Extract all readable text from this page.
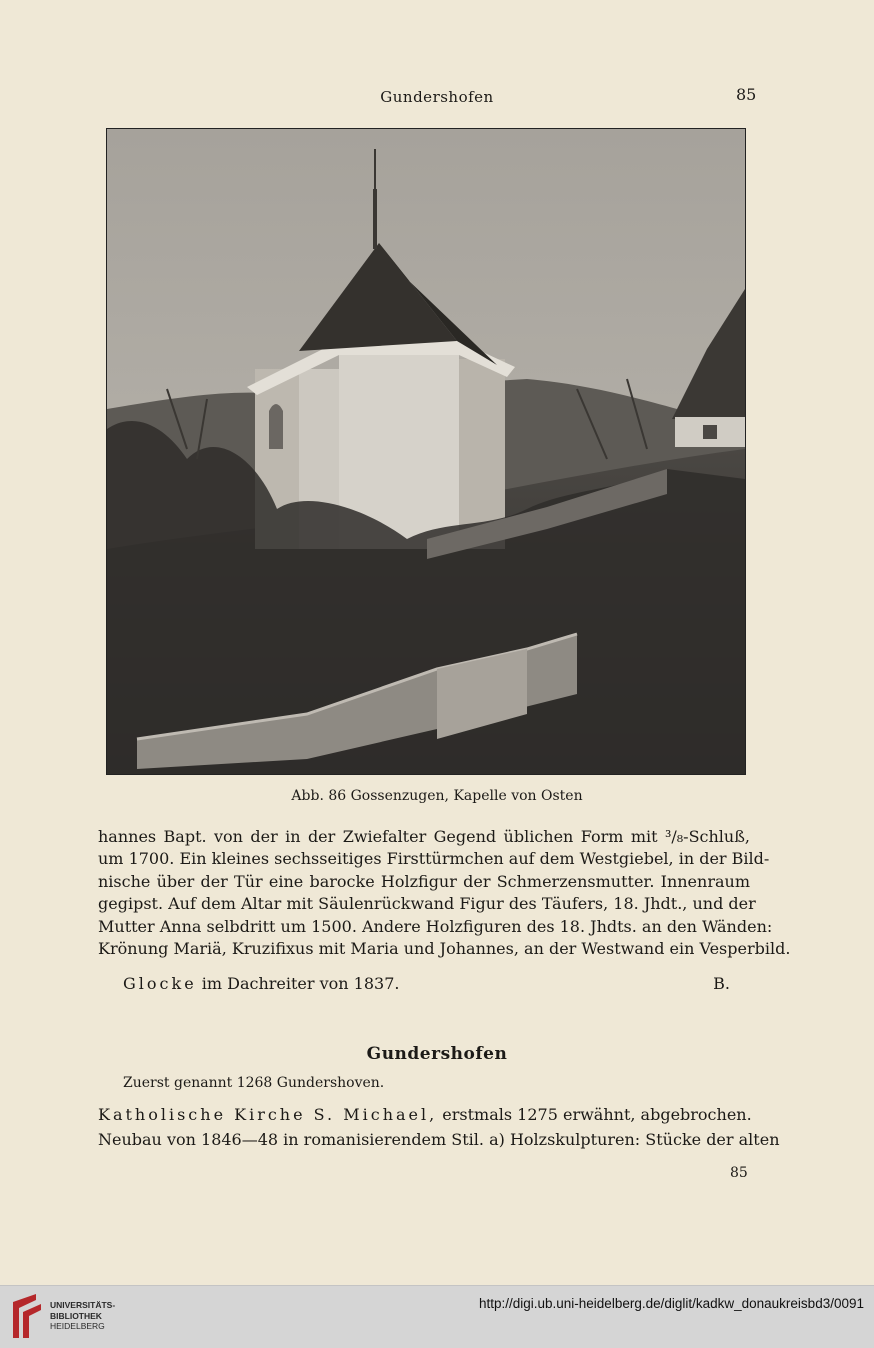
Gundershofen	85
Abb. 86 Gossenzugen, Kapelle von Osten
hannes Bapt. von der in der Zwiefalter Gegend üblichen Form mit ³/₈-Schluß,
um 1700. Ein kleines sechsseitiges Firsttürmchen auf dem Westgiebel, in der Bild-
nische über der Tür eine barocke Holzfigur der Schmerzensmutter. Innenraum
gegipst. Auf dem Altar mit Säulenrückwand Figur des Täufers, 18. Jhdt., und der
Mutter Anna selbdritt um 1500. Andere Holzfiguren des 18. Jhdts. an den Wänden:
Krönung Mariä, Kruzifixus mit Maria und Johannes, an der Westwand ein Vesperbild.
Glocke im Dachreiter von 1837.	B.
Gundershofen
Zuerst genannt 1268 Gundershoven.
Katholische Kirche S. Michael, erstmals 1275 erwähnt, abgebrochen.
Neubau von 1846—48 in romanisierendem Stil. a) Holzskulpturen: Stücke der alten
85
UNIVERSITÄTS-
BIBLIOTHEK
HEIDELBERG
http://digi.ub.uni-heidelberg.de/diglit/kadkw_donaukreisbd3/0091
